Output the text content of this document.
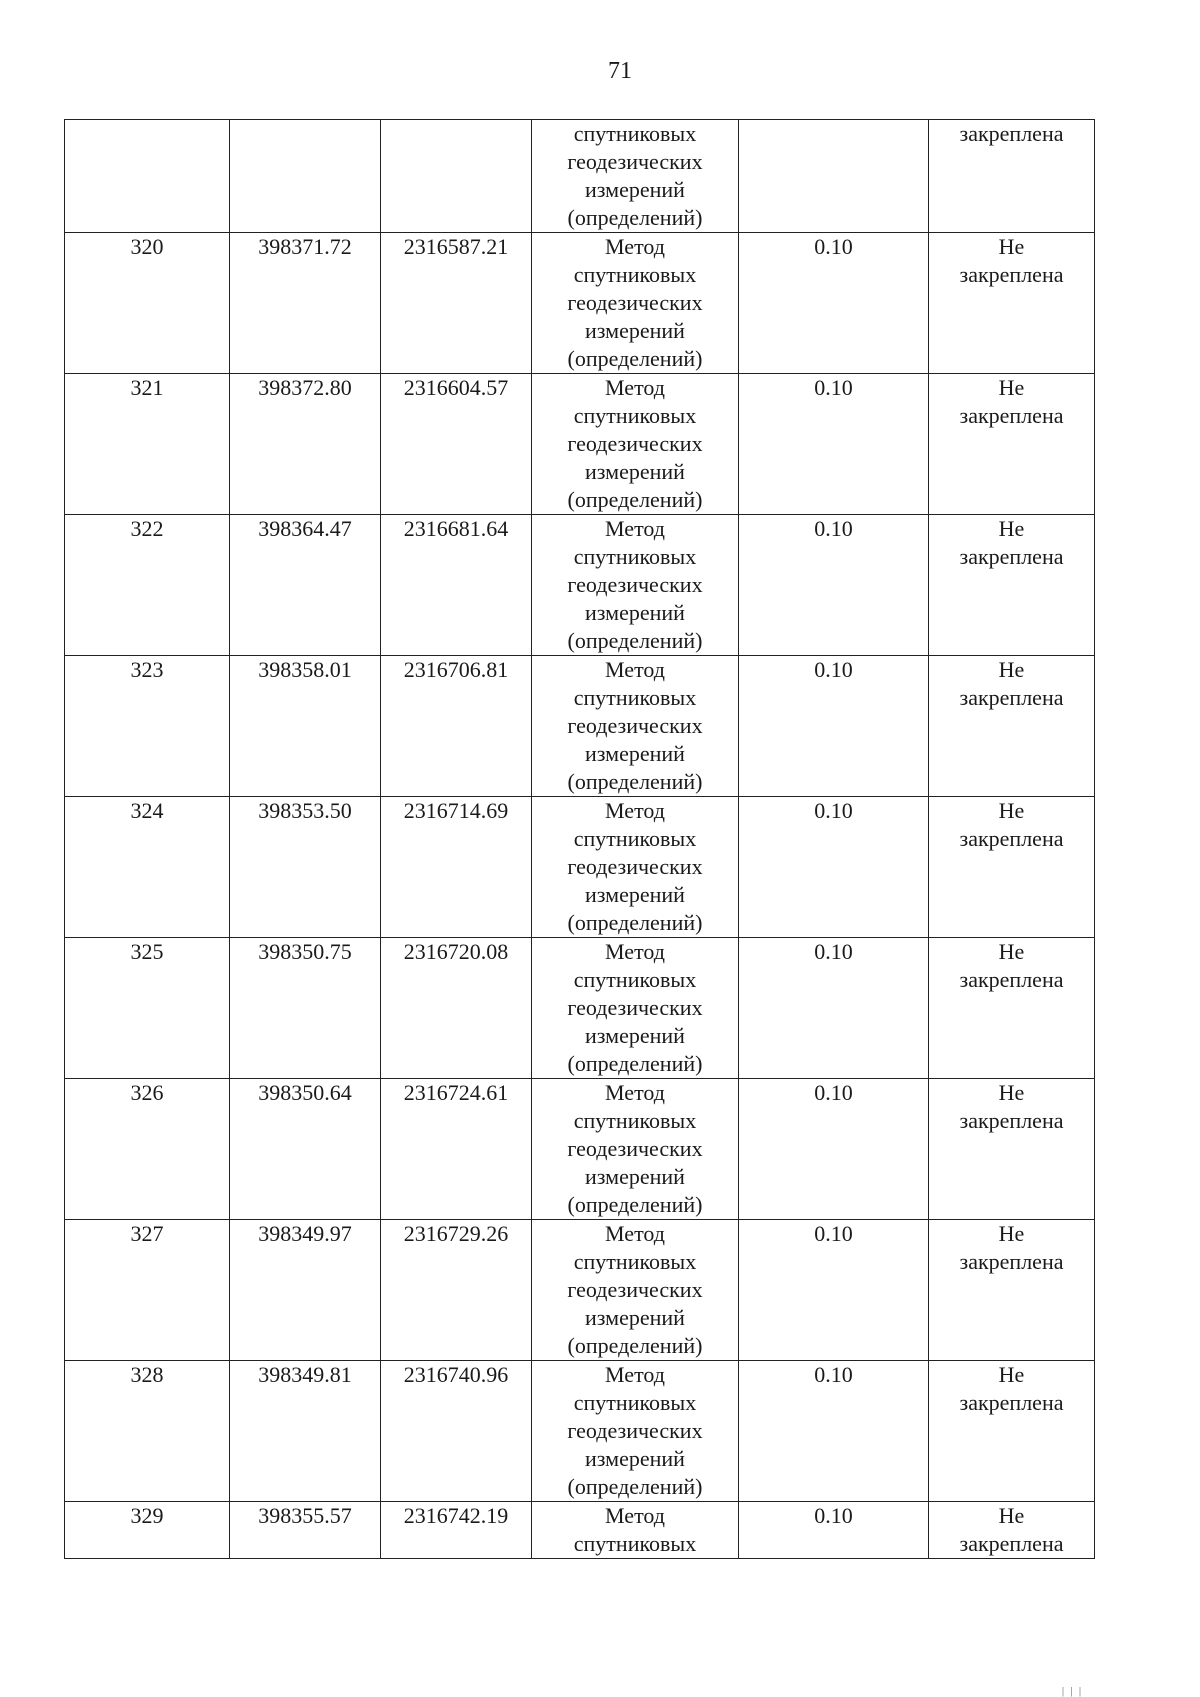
71

			спутниковых
геодезических
измерений
(определений)		закреплена

320	398371.72	2316587.21	Метод
спутниковых
геодезических
измерений
(определений)	0.10	Не
закреплена

321	398372.80	2316604.57	Метод
спутниковых
геодезических
измерений
(определений)	0.10	Не
закреплена

322	398364.47	2316681.64	Метод
спутниковых
геодезических
измерений
(определений)	0.10	Не
закреплена

323	398358.01	2316706.81	Метод
спутниковых
геодезических
измерений
(определений)	0.10	Не
закреплена

324	398353.50	2316714.69	Метод
спутниковых
геодезических
измерений
(определений)	0.10	Не
закреплена

325	398350.75	2316720.08	Метод
спутниковых
геодезических
измерений
(определений)	0.10	Не
закреплена

326	398350.64	2316724.61	Метод
спутниковых
геодезических
измерений
(определений)	0.10	Не
закреплена

327	398349.97	2316729.26	Метод
спутниковых
геодезических
измерений
(определений)	0.10	Не
закреплена

328	398349.81	2316740.96	Метод
спутниковых
геодезических
измерений
(определений)	0.10	Не
закреплена

329	398355.57	2316742.19	Метод
спутниковых	0.10	Не
закреплена
| | |
